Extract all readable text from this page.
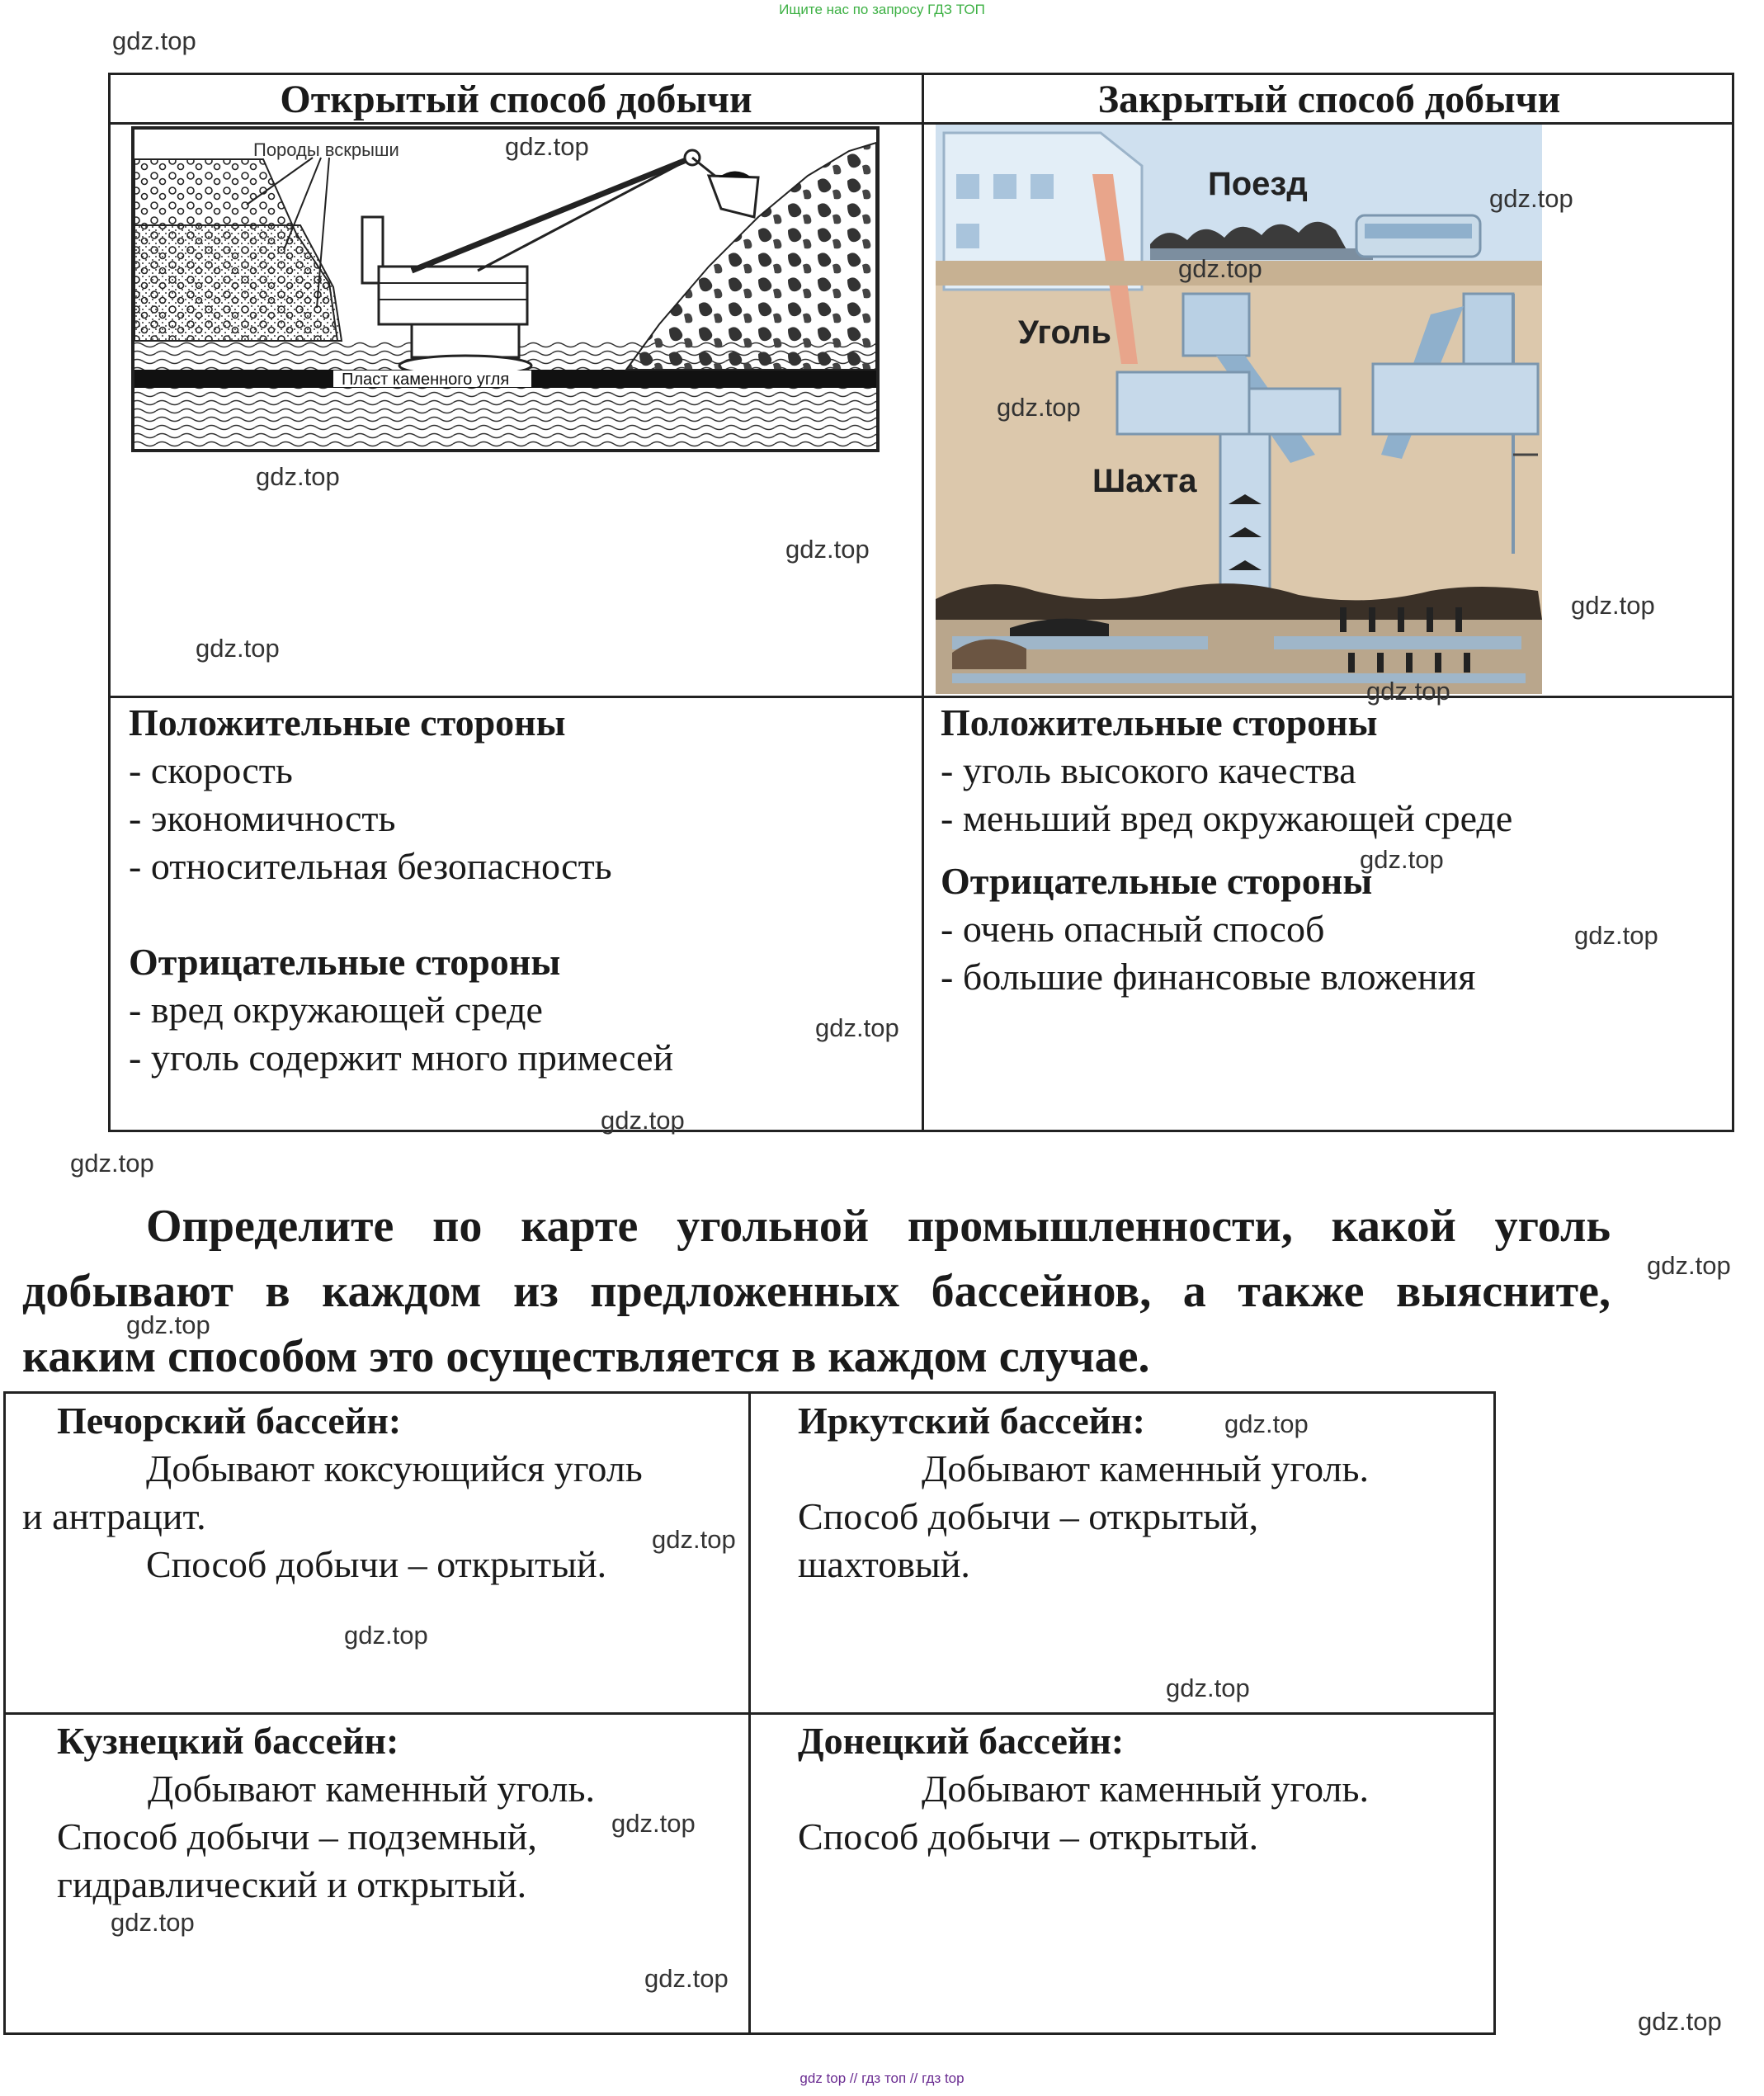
Ищите нас по запросу ГДЗ ТОП
Открытый способ добычи	Закрытый способ добычи
Породы вскрыши
Пласт каменного угля
Поезд
Уголь
Шахта
Положительные стороны
- скорость
- экономичность
- относительная безопасность
Отрицательные стороны
- вред окружающей среде
- уголь содержит много примесей
Положительные стороны
- уголь высокого качества
- меньший вред окружающей среде
Отрицательные стороны
- очень опасный способ
- большие финансовые вложения
Определите по карте угольной промышленности, какой уголь
добывают в каждом из предложенных бассейнов, а также выясните,
каким способом это осуществляется в каждом случае.
Печорский бассейн:
Добывают коксующийся уголь
и антрацит.
Способ добычи – открытый.
Иркутский бассейн:
Добывают каменный уголь.
Способ добычи – открытый,
шахтовый.
Кузнецкий бассейн:
Добывают каменный уголь.
Способ добычи – подземный,
гидравлический и открытый.
Донецкий бассейн:
Добывают каменный уголь.
Способ добычи – открытый.
gdz.top
gdz.top
gdz.top
gdz.top
gdz.top
gdz.top
gdz.top
gdz.top
gdz.top
gdz.top
gdz.top
gdz.top
gdz.top
gdz.top
gdz.top
gdz.top
gdz.top
gdz.top
gdz.top
gdz.top
gdz.top
gdz.top
gdz.top
gdz.top
gdz.top
gdz top // гдз топ // гдз top
